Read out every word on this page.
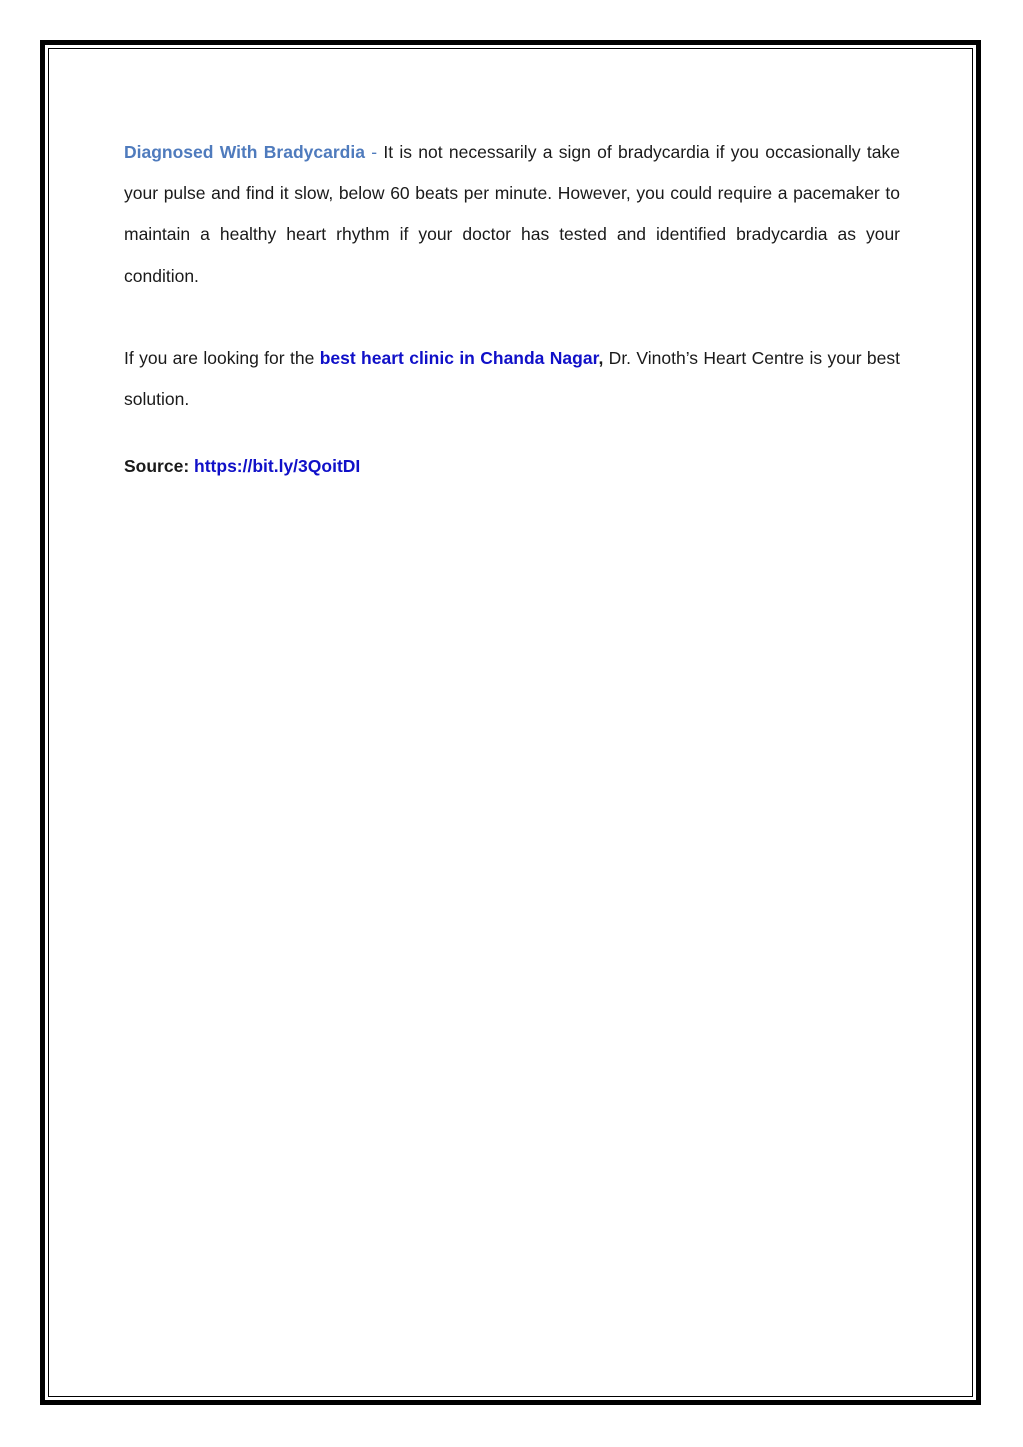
Diagnosed With Bradycardia - It is not necessarily a sign of bradycardia if you occasionally take your pulse and find it slow, below 60 beats per minute. However, you could require a pacemaker to maintain a healthy heart rhythm if your doctor has tested and identified bradycardia as your condition.

If you are looking for the best heart clinic in Chanda Nagar, Dr. Vinoth’s Heart Centre is your best solution.

Source: https://bit.ly/3QoitDI
